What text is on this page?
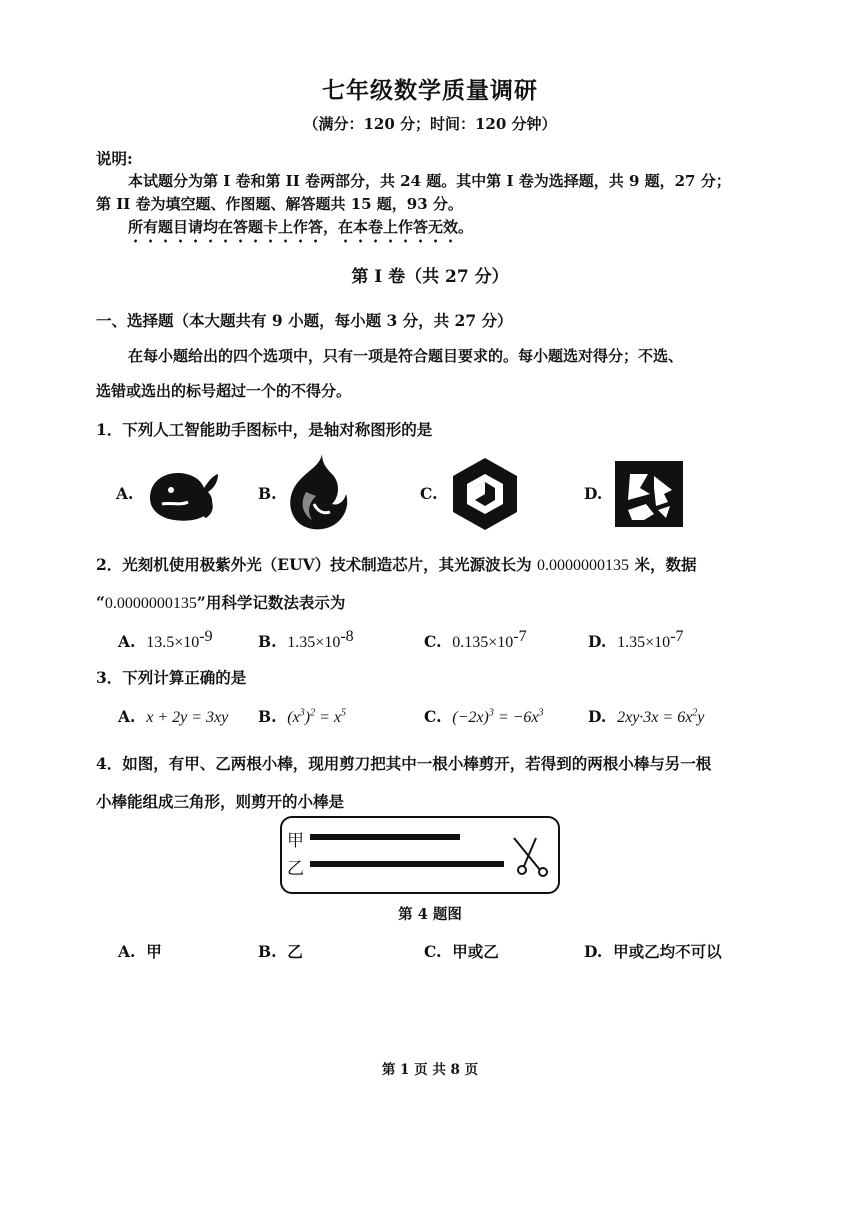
七年级数学质量调研
（满分：120 分；时间：120 分钟）
说明:
本试题分为第 I 卷和第 II 卷两部分，共 24 题。其中第 I 卷为选择题，共 9 题，27 分；
第 II 卷为填空题、作图题、解答题共 15 题，93 分。
所有题目请均在答题卡上作答，在本卷上作答无效。
第 Ⅰ 卷（共 27 分）
一、选择题（本大题共有 9 小题，每小题 3 分，共 27 分）
在每小题给出的四个选项中，只有一项是符合题目要求的。每小题选对得分；不选、
选错或选出的标号超过一个的不得分。
1．下列人工智能助手图标中，是轴对称图形的是
A.	B.	C.	D.
2．光刻机使用极紫外光（EUV）技术制造芯片，其光源波长为 0.0000000135 米，数据
“0.0000000135”用科学记数法表示为
A. $13.5\times 10^{-9}$	B. $1.35\times 10^{-8}$	C. $0.135\times 10^{-7}$	D. $1.35\times 10^{-7}$
3．下列计算正确的是
A. x + 2y = 3xy B. $(x^3)^2 = x^5$	C. $(-2x)^3 = -6x^3$	D. $2xy\cdot 3x = 6x^2y$
4．如图，有甲、乙两根小棒，现用剪刀把其中一根小棒剪开，若得到的两根小棒与另一根
小棒能组成三角形，则剪开的小棒是
甲
乙
第 4 题图
A. 甲	B. 乙	C. 甲或乙	D. 甲或乙均不可以
第 1 页 共 8 页
